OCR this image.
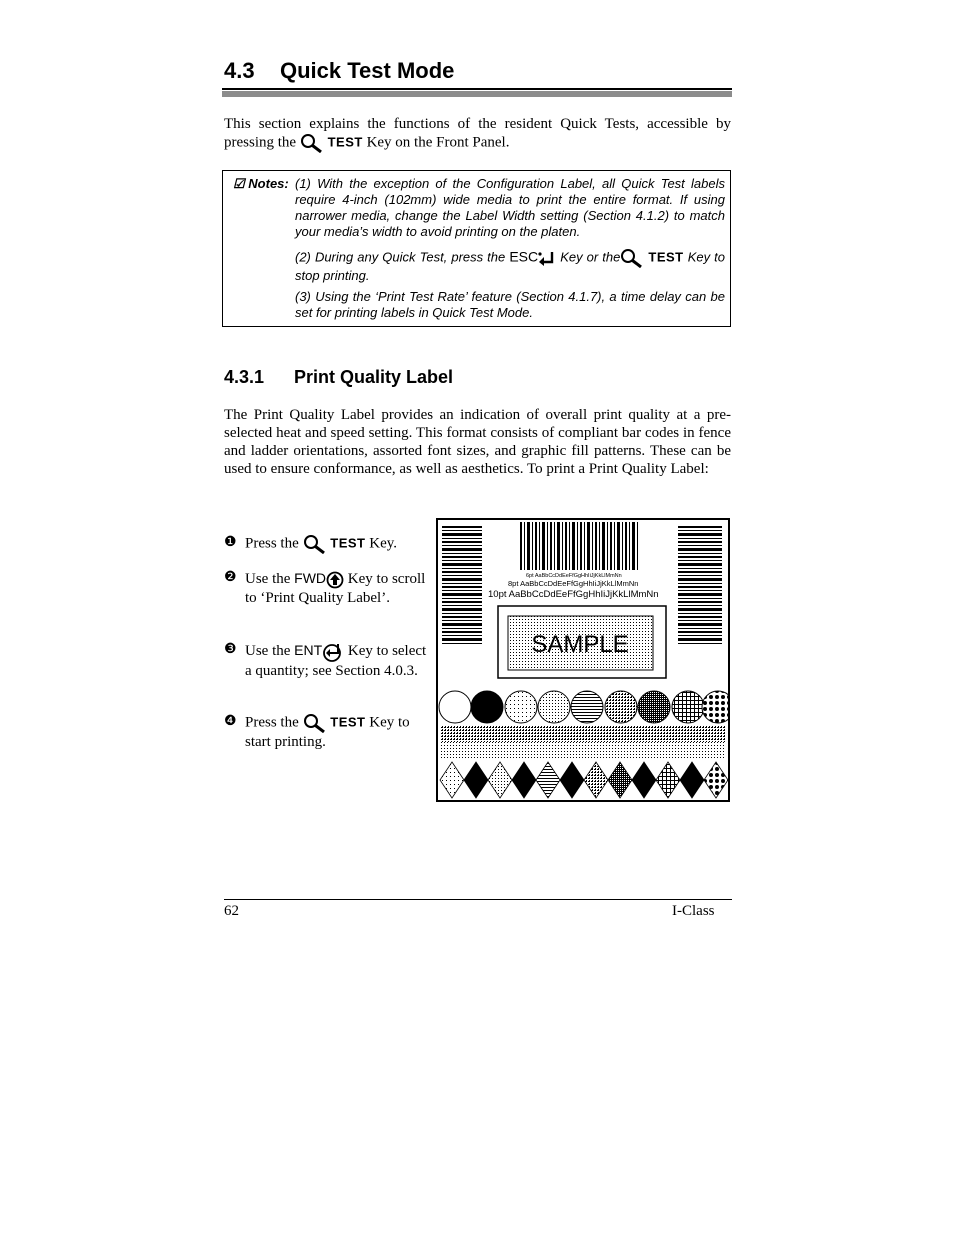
4.3 Quick Test Mode
This section explains the functions of the resident Quick Tests, accessible by pressing the TEST Key on the Front Panel.
☑ Notes: (1) With the exception of the Configuration Label, all Quick Test labels require 4-inch (102mm) wide media to print the entire format. If using narrower media, change the Label Width setting (Section 4.1.2) to match your media’s width to avoid printing on the platen.
(2) During any Quick Test, press the ESC Key or the TEST Key to stop printing.
(3) Using the ‘Print Test Rate’ feature (Section 4.1.7), a time delay can be set for printing labels in Quick Test Mode.
4.3.1 Print Quality Label
The Print Quality Label provides an indication of overall print quality at a pre-selected heat and speed setting. This format consists of compliant bar codes in fence and ladder orientations, assorted font sizes, and graphic fill patterns. These can be used to ensure conformance, as well as aesthetics. To print a Print Quality Label:
❶ Press the TEST Key.
❷ Use the FWD Key to scroll to ‘Print Quality Label’.
❸ Use the ENT Key to select a quantity; see Section 4.0.3.
❹ Press the TEST Key to start printing.
6pt AaBbCcDdEeFfGgHhIiJjKkLlMmNn
8pt AaBbCcDdEeFfGgHhIiJjKkLlMmNn
10pt AaBbCcDdEeFfGgHhIiJjKkLlMmNn
SAMPLE
62	I-Class
